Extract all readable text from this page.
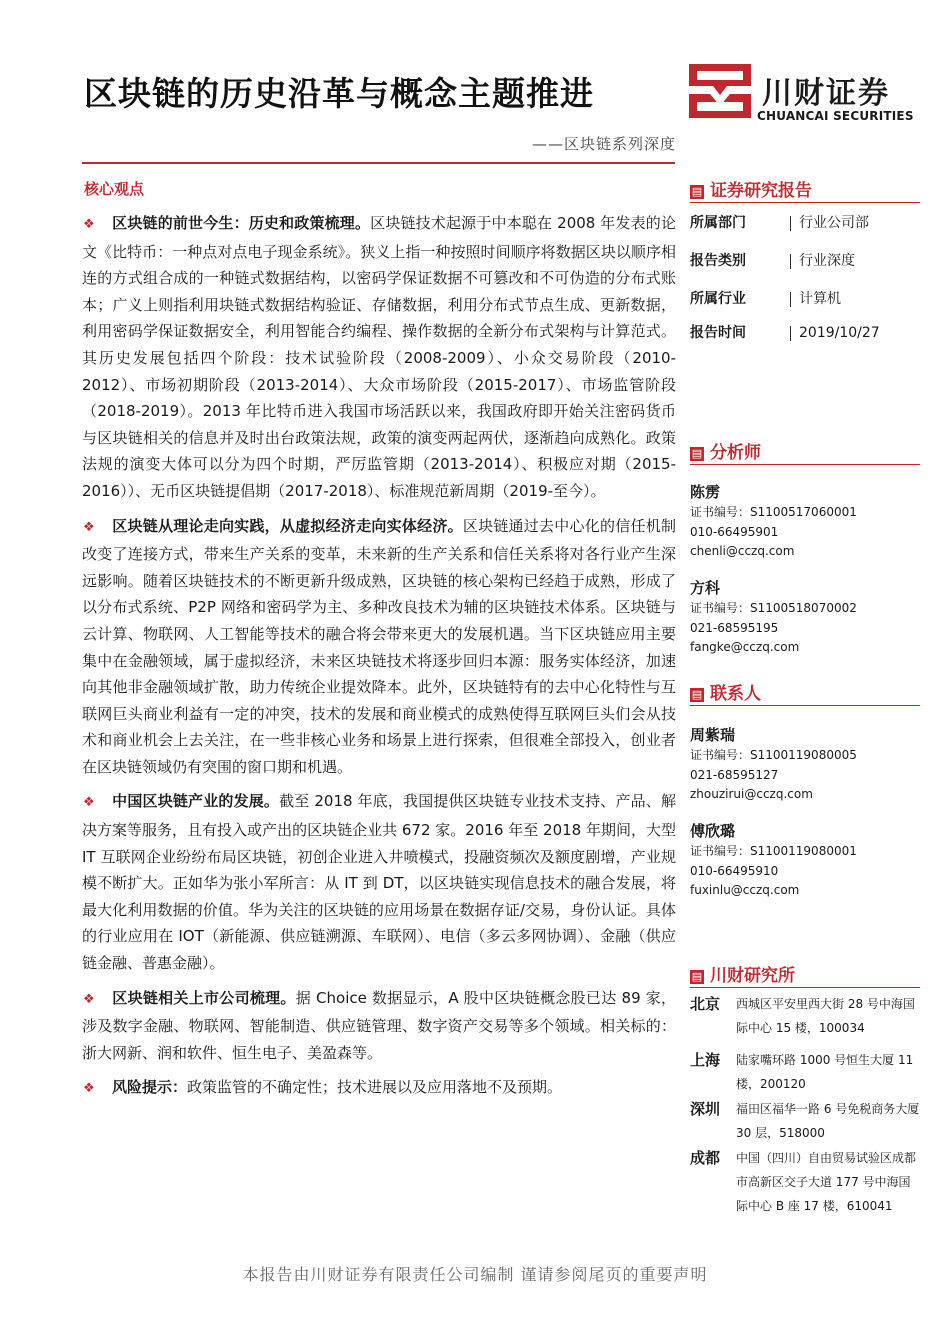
区块链的历史沿革与概念主题推进
——区块链系列深度
川财证券
CHUANCAI SECURITIES
核心观点

❖ 区块链的前世今生：历史和政策梳理。区块链技术起源于中本聪在 2008 年发表的论文《比特币：一种点对点电子现金系统》。狭义上指一种按照时间顺序将数据区块以顺序相连的方式组合成的一种链式数据结构，以密码学保证数据不可篡改和不可伪造的分布式账本；广义上则指利用块链式数据结构验证、存储数据，利用分布式节点生成、更新数据，利用密码学保证数据安全，利用智能合约编程、操作数据的全新分布式架构与计算范式。其历史发展包括四个阶段：技术试验阶段（2008-2009）、小众交易阶段（2010-2012）、市场初期阶段（2013-2014）、大众市场阶段（2015-2017）、市场监管阶段（2018-2019）。2013 年比特币进入我国市场活跃以来，我国政府即开始关注密码货币与区块链相关的信息并及时出台政策法规，政策的演变两起两伏，逐渐趋向成熟化。政策法规的演变大体可以分为四个时期，严厉监管期（2013-2014）、积极应对期（2015-2016））、无币区块链提倡期（2017-2018）、标准规范新周期（2019-至今）。

❖ 区块链从理论走向实践，从虚拟经济走向实体经济。区块链通过去中心化的信任机制改变了连接方式，带来生产关系的变革，未来新的生产关系和信任关系将对各行业产生深远影响。随着区块链技术的不断更新升级成熟，区块链的核心架构已经趋于成熟，形成了以分布式系统、P2P 网络和密码学为主、多种改良技术为辅的区块链技术体系。区块链与云计算、物联网、人工智能等技术的融合将会带来更大的发展机遇。当下区块链应用主要集中在金融领域，属于虚拟经济，未来区块链技术将逐步回归本源：服务实体经济，加速向其他非金融领域扩散，助力传统企业提效降本。此外，区块链特有的去中心化特性与互联网巨头商业利益有一定的冲突，技术的发展和商业模式的成熟使得互联网巨头们会从技术和商业机会上去关注，在一些非核心业务和场景上进行探索，但很难全部投入，创业者在区块链领域仍有突围的窗口期和机遇。

❖ 中国区块链产业的发展。截至 2018 年底，我国提供区块链专业技术支持、产品、解决方案等服务，且有投入或产出的区块链企业共 672 家。2016 年至 2018 年期间，大型 IT 互联网企业纷纷布局区块链，初创企业进入井喷模式，投融资频次及额度剧增，产业规模不断扩大。正如华为张小军所言：从 IT 到 DT，以区块链实现信息技术的融合发展，将最大化利用数据的价值。华为关注的区块链的应用场景在数据存证/交易，身份认证。具体的行业应用在 IOT（新能源、供应链溯源、车联网）、电信（多云多网协调）、金融（供应链金融、普惠金融）。

❖ 区块链相关上市公司梳理。据 Choice 数据显示，A 股中区块链概念股已达 89 家，涉及数字金融、物联网、智能制造、供应链管理、数字资产交易等多个领域。相关标的：浙大网新、润和软件、恒生电子、美盈森等。

❖ 风险提示：政策监管的不确定性；技术进展以及应用落地不及预期。

▤ 证券研究报告
所属部门	行业公司部
报告类别	行业深度
所属行业	计算机
报告时间	2019/10/27
▤ 分析师
陈雳
证书编号：S1100517060001
010-66495901
chenli@cczq.com
方科
证书编号：S1100518070002
021-68595195
fangke@cczq.com
▤ 联系人
周紫瑞
证书编号：S1100119080005
021-68595127
zhouzirui@cczq.com
傅欣璐
证书编号：S1100119080001
010-66495910
fuxinlu@cczq.com
▤ 川财研究所
北京 西城区平安里西大街 28 号中海国际中心 15 楼，100034
上海 陆家嘴环路 1000 号恒生大厦 11 楼，200120
深圳 福田区福华一路 6 号免税商务大厦 30 层，518000
成都 中国（四川）自由贸易试验区成都市高新区交子大道 177 号中海国际中心 B 座 17 楼，610041
本报告由川财证券有限责任公司编制 谨请参阅尾页的重要声明
